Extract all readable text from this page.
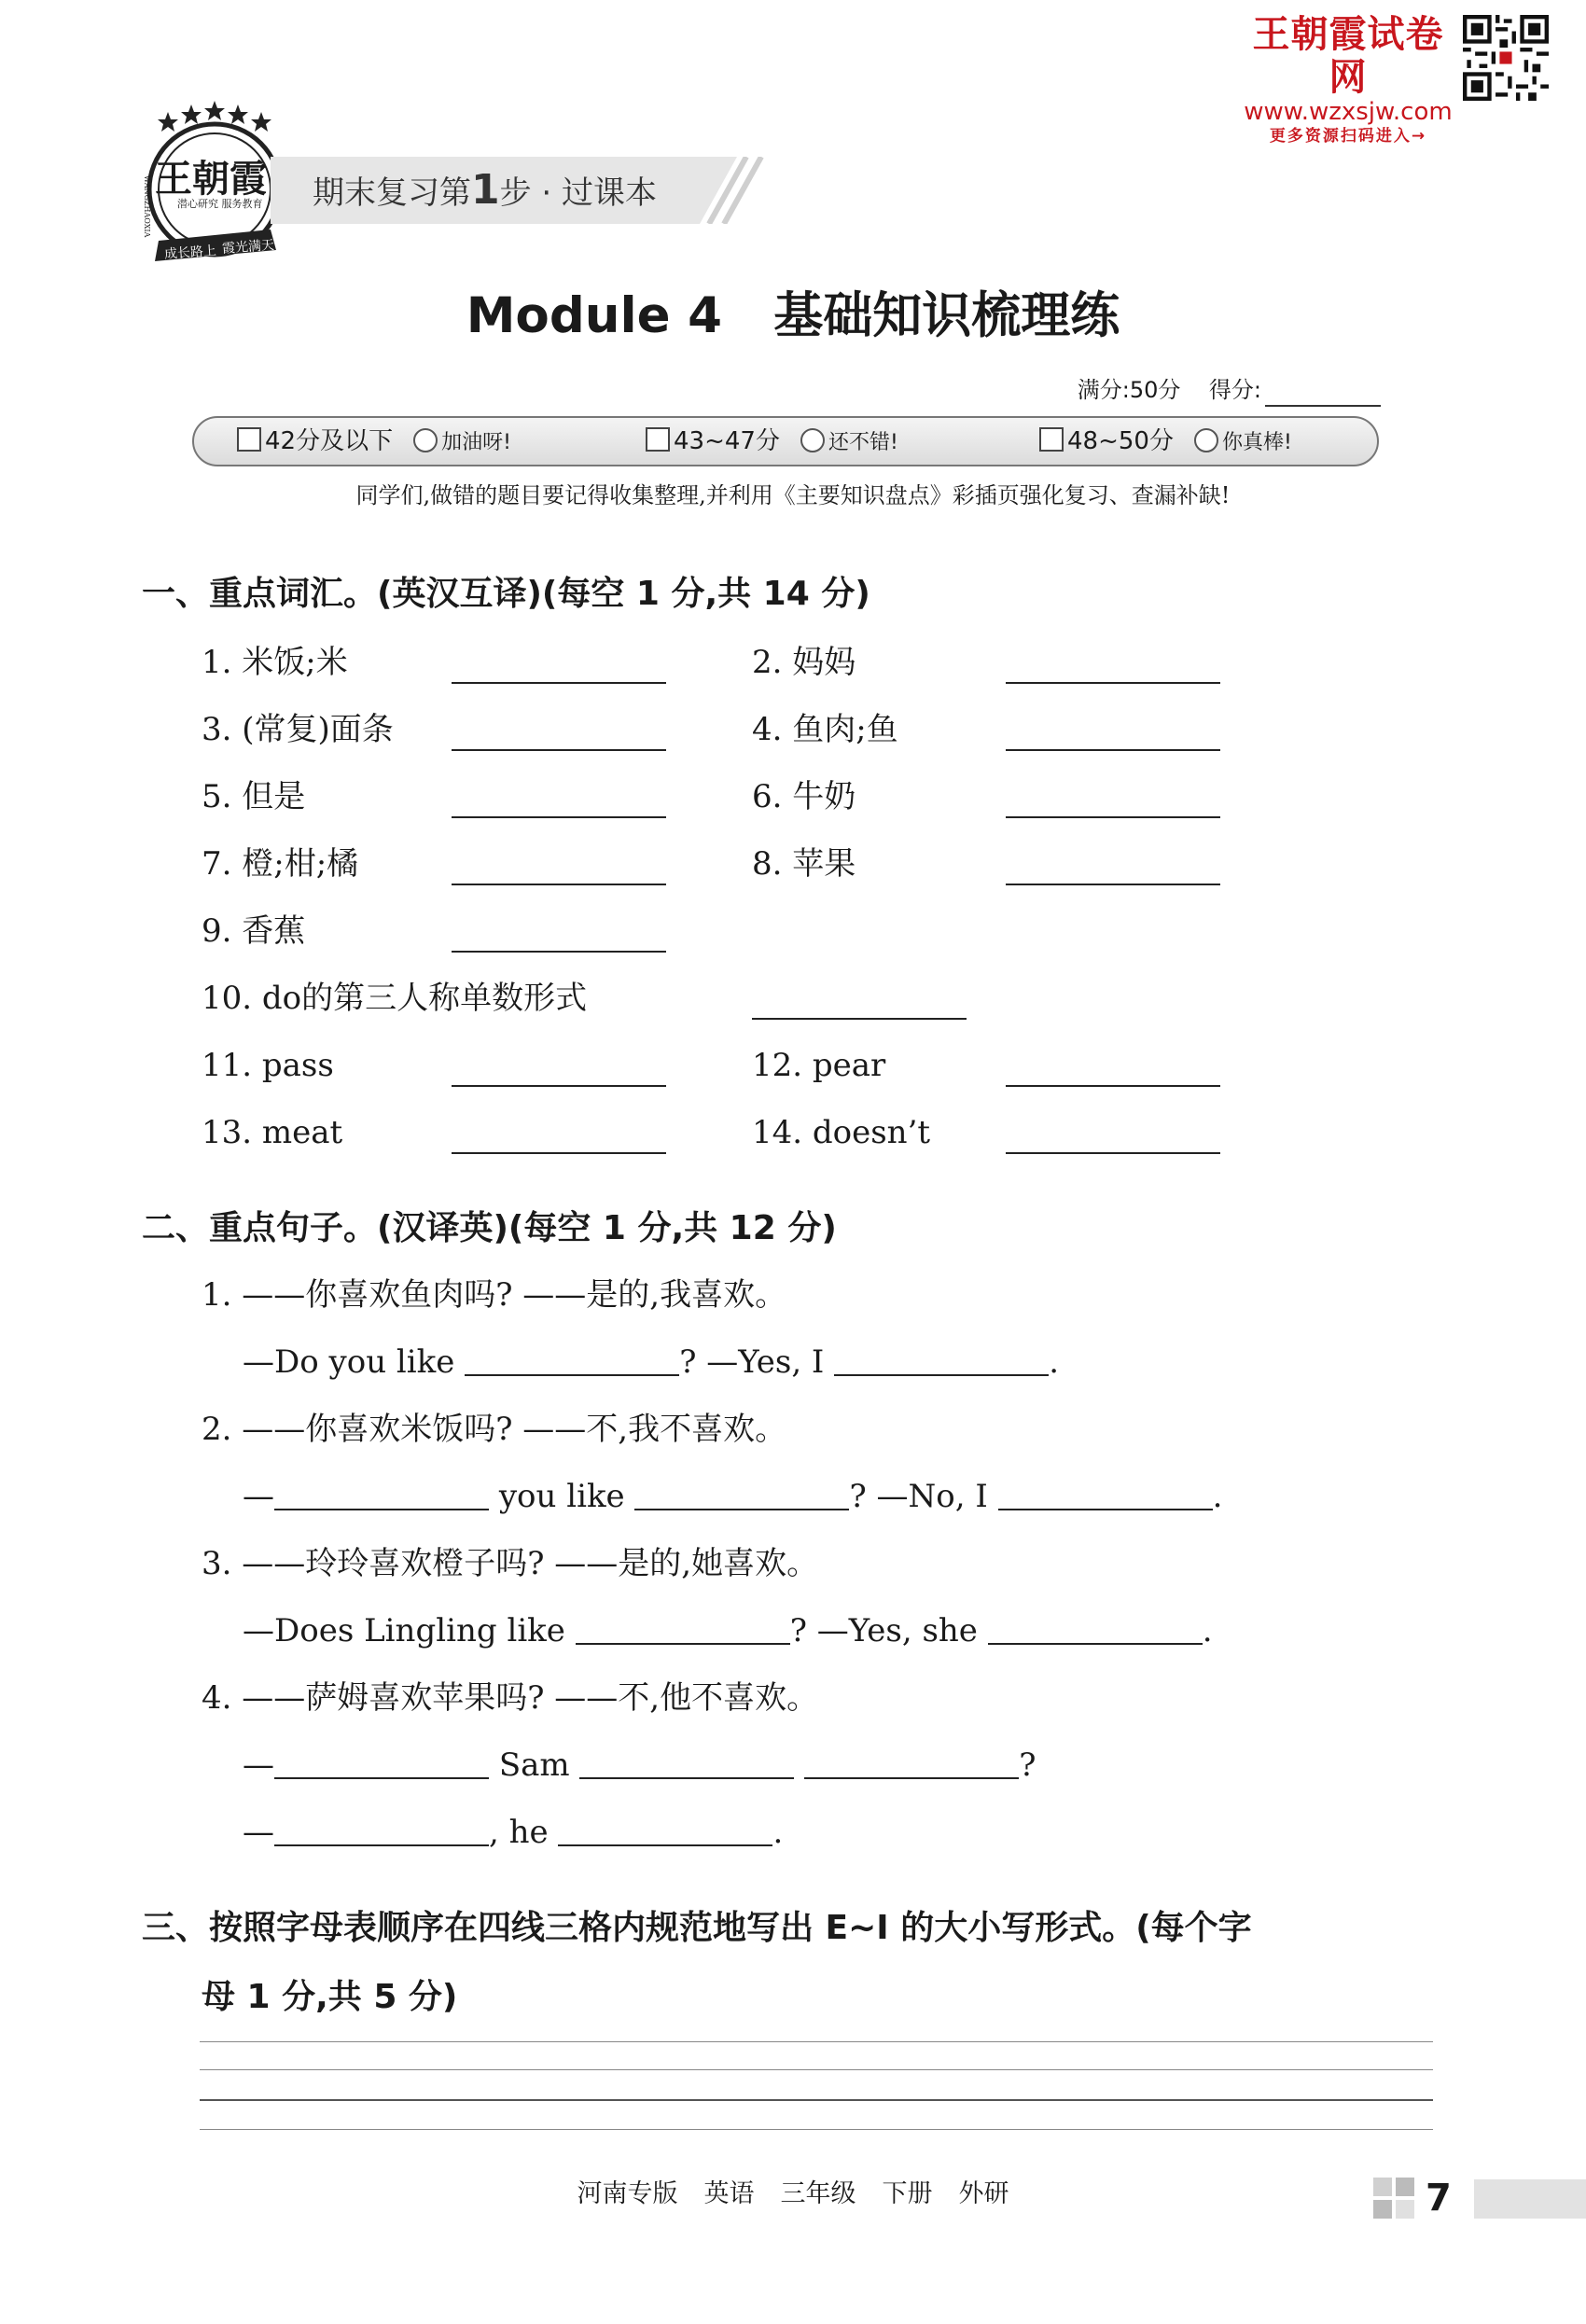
王朝霞试卷网
www.wzxsjw.com
更多资源扫码进入→
王朝霞
潜心研究 服务教育
WANGZHAOXIA
成长路上 霞光满天
期末复习第1步 · 过课本
Module 4   基础知识梳理练
满分:50分 得分:
42分及以下 加油呀!	43~47分 还不错!	48~50分 你真棒!
同学们,做错的题目要记得收集整理,并利用《主要知识盘点》彩插页强化复习、查漏补缺!
一、重点词汇。(英汉互译)(每空 1 分,共 14 分)
1. 米饭;米	2. 妈妈
3. (常复)面条	4. 鱼肉;鱼
5. 但是	6. 牛奶
7. 橙;柑;橘	8. 苹果
9. 香蕉
10. do的第三人称单数形式
11. pass	12. pear
13. meat	14. doesn’t
二、重点句子。(汉译英)(每空 1 分,共 12 分)
1. ——你喜欢鱼肉吗? ——是的,我喜欢。
—Do you like	? —Yes, I	.
2. ——你喜欢米饭吗? ——不,我不喜欢。
—	you like	? —No, I	.
3. ——玲玲喜欢橙子吗? ——是的,她喜欢。
—Does Lingling like	? —Yes, she	.
4. ——萨姆喜欢苹果吗? ——不,他不喜欢。
—	Sam	?
—	, he	.
三、按照字母表顺序在四线三格内规范地写出 E~I 的大小写形式。(每个字
母 1 分,共 5 分)
河南专版 英语 三年级 下册 外研	7
